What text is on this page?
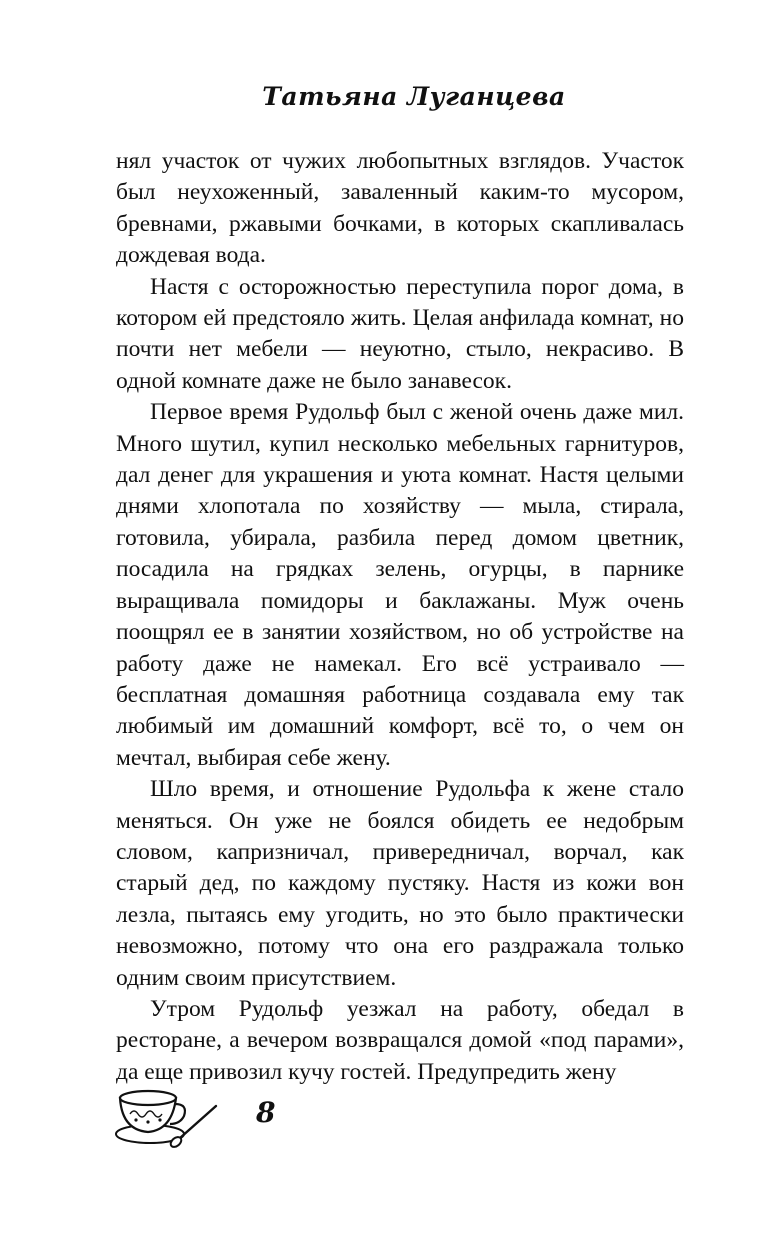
Татьяна Луганцева

нял участок от чужих любопытных взглядов. Участок был неухоженный, заваленный каким-то мусором, бревнами, ржавыми бочками, в которых скапливалась дождевая вода.

Настя с осторожностью переступила порог дома, в котором ей предстояло жить. Целая анфилада комнат, но почти нет мебели — неуютно, стыло, некрасиво. В одной комнате даже не было занавесок.

Первое время Рудольф был с женой очень даже мил. Много шутил, купил несколько мебельных гарнитуров, дал денег для украшения и уюта комнат. Настя целыми днями хлопотала по хозяйству — мыла, стирала, готовила, убирала, разбила перед домом цветник, посадила на грядках зелень, огурцы, в парнике выращивала помидоры и баклажаны. Муж очень поощрял ее в занятии хозяйством, но об устройстве на работу даже не намекал. Его всё устраивало — бесплатная домашняя работница создавала ему так любимый им домашний комфорт, всё то, о чем он мечтал, выбирая себе жену.

Шло время, и отношение Рудольфа к жене стало меняться. Он уже не боялся обидеть ее недобрым словом, капризничал, привередничал, ворчал, как старый дед, по каждому пустяку. Настя из кожи вон лезла, пытаясь ему угодить, но это было практически невозможно, потому что она его раздражала только одним своим присутствием.

Утром Рудольф уезжал на работу, обедал в ресторане, а вечером возвращался домой «под парами», да еще привозил кучу гостей. Предупредить жену

8
